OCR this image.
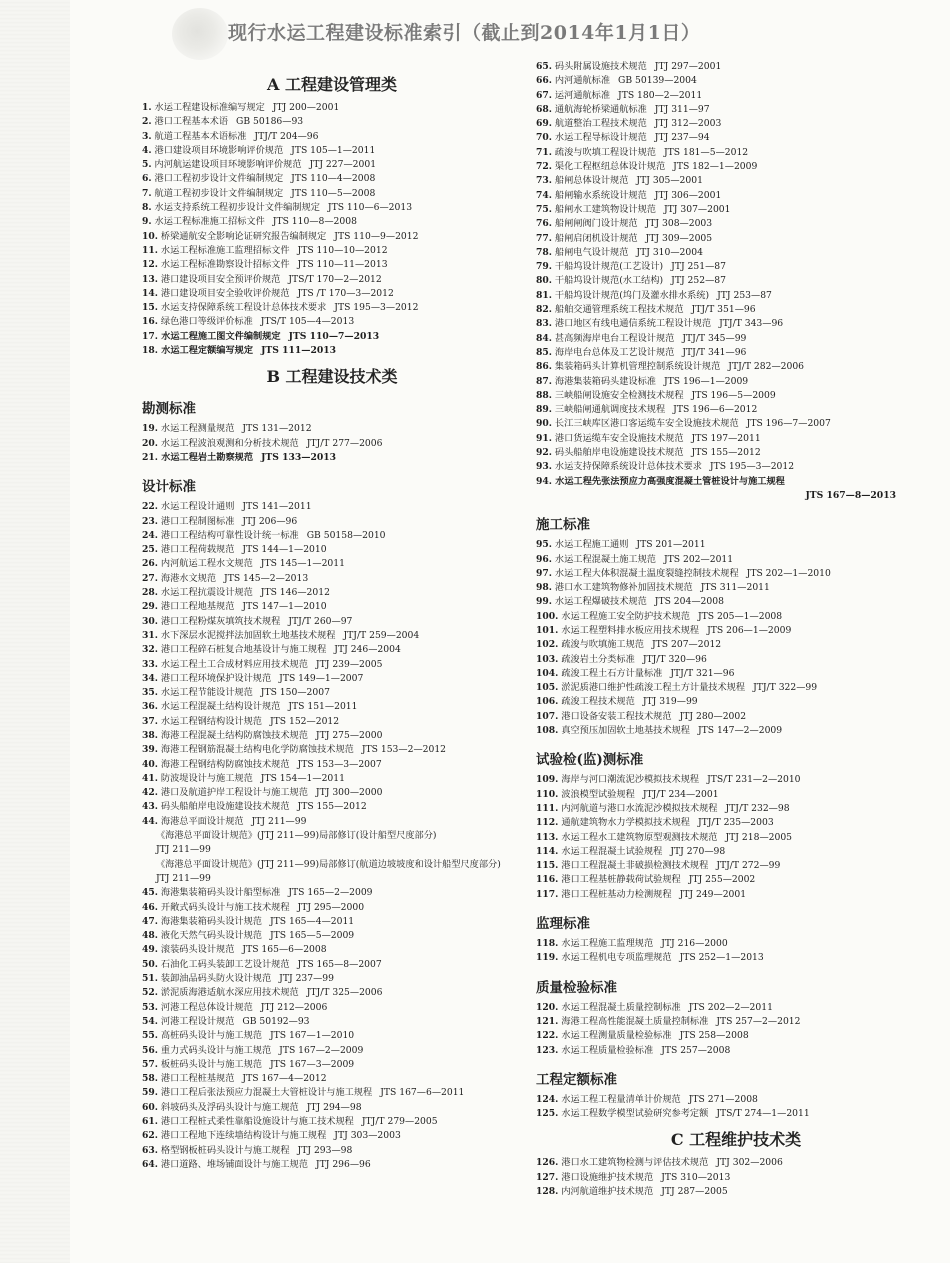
现行水运工程建设标准索引（截止到2014年1月1日）
A 工程建设管理类
1. 水运工程建设标准编写规定 JTJ 200—2001
2. 港口工程基本术语 GB 50186—93
3. 航道工程基本术语标准 JTJ/T 204—96
4. 港口建设项目环境影响评价规范 JTS 105—1—2011
5. 内河航运建设项目环境影响评价规范 JTJ 227—2001
6. 港口工程初步设计文件编制规定 JTS 110—4—2008
7. 航道工程初步设计文件编制规定 JTS 110—5—2008
8. 水运支持系统工程初步设计文件编制规定 JTS 110—6—2013
9. 水运工程标准施工招标文件 JTS 110—8—2008
10. 桥梁通航安全影响论证研究报告编制规定 JTS 110—9—2012
11. 水运工程标准施工监理招标文件 JTS 110—10—2012
12. 水运工程标准勘察设计招标文件 JTS 110—11—2013
13. 港口建设项目安全预评价规范 JTS/T 170—2—2012
14. 港口建设项目安全验收评价规范 JTS /T 170—3—2012
15. 水运支持保障系统工程设计总体技术要求 JTS 195—3—2012
16. 绿色港口等级评价标准 JTS/T 105—4—2013
17. 水运工程施工图文件编制规定 JTS 110—7—2013
18. 水运工程定额编写规定 JTS 111—2013
B 工程建设技术类
勘测标准
19. 水运工程测量规范 JTS 131—2012
20. 水运工程波浪观测和分析技术规范 JTJ/T 277—2006
21. 水运工程岩土勘察规范 JTS 133—2013
设计标准
22. 水运工程设计通则 JTS 141—2011
23. 港口工程制图标准 JTJ 206—96
24. 港口工程结构可靠性设计统一标准 GB 50158—2010
25. 港口工程荷载规范 JTS 144—1—2010
26. 内河航运工程水文规范 JTS 145—1—2011
27. 海港水文规范 JTS 145—2—2013
28. 水运工程抗震设计规范 JTS 146—2012
29. 港口工程地基规范 JTS 147—1—2010
30. 港口工程粉煤灰填筑技术规程 JTJ/T 260—97
31. 水下深层水泥搅拌法加固软土地基技术规程 JTJ/T 259—2004
32. 港口工程碎石桩复合地基设计与施工规程 JTJ 246—2004
33. 水运工程土工合成材料应用技术规范 JTJ 239—2005
34. 港口工程环境保护设计规范 JTS 149—1—2007
35. 水运工程节能设计规范 JTS 150—2007
36. 水运工程混凝土结构设计规范 JTS 151—2011
37. 水运工程钢结构设计规范 JTS 152—2012
38. 海港工程混凝土结构防腐蚀技术规范 JTJ 275—2000
39. 海港工程钢筋混凝土结构电化学防腐蚀技术规范 JTS 153—2—2012
40. 海港工程钢结构防腐蚀技术规范 JTS 153—3—2007
41. 防波堤设计与施工规范 JTS 154—1—2011
42. 港口及航道护岸工程设计与施工规范 JTJ 300—2000
43. 码头船舶岸电设施建设技术规范 JTS 155—2012
44. 海港总平面设计规范 JTJ 211—99
《海港总平面设计规范》(JTJ 211—99)局部修订(设计船型尺度部分)
JTJ 211—99
《海港总平面设计规范》(JTJ 211—99)局部修订(航道边坡坡度和设计船型尺度部分)
JTJ 211—99
45. 海港集装箱码头设计船型标准 JTS 165—2—2009
46. 开敞式码头设计与施工技术规程 JTJ 295—2000
47. 海港集装箱码头设计规范 JTS 165—4—2011
48. 液化天然气码头设计规范 JTS 165—5—2009
49. 滚装码头设计规范 JTS 165—6—2008
50. 石油化工码头装卸工艺设计规范 JTS 165—8—2007
51. 装卸油品码头防火设计规范 JTJ 237—99
52. 淤泥质海港适航水深应用技术规范 JTJ/T 325—2006
53. 河港工程总体设计规范 JTJ 212—2006
54. 河港工程设计规范 GB 50192—93
55. 高桩码头设计与施工规范 JTS 167—1—2010
56. 重力式码头设计与施工规范 JTS 167—2—2009
57. 板桩码头设计与施工规范 JTS 167—3—2009
58. 港口工程桩基规范 JTS 167—4—2012
59. 港口工程后张法预应力混凝土大管桩设计与施工规程 JTS 167—6—2011
60. 斜坡码头及浮码头设计与施工规范 JTJ 294—98
61. 港口工程桩式柔性靠船设施设计与施工技术规程 JTJ/T 279—2005
62. 港口工程地下连续墙结构设计与施工规程 JTJ 303—2003
63. 格型钢板桩码头设计与施工规程 JTJ 293—98
64. 港口道路、堆场铺面设计与施工规范 JTJ 296—96
65. 码头附属设施技术规范 JTJ 297—2001
66. 内河通航标准 GB 50139—2004
67. 运河通航标准 JTS 180—2—2011
68. 通航海轮桥梁通航标准 JTJ 311—97
69. 航道整治工程技术规范 JTJ 312—2003
70. 水运工程导标设计规范 JTJ 237—94
71. 疏浚与吹填工程设计规范 JTS 181—5—2012
72. 渠化工程枢纽总体设计规范 JTS 182—1—2009
73. 船闸总体设计规范 JTJ 305—2001
74. 船闸输水系统设计规范 JTJ 306—2001
75. 船闸水工建筑物设计规范 JTJ 307—2001
76. 船闸闸阀门设计规范 JTJ 308—2003
77. 船闸启闭机设计规范 JTJ 309—2005
78. 船闸电气设计规范 JTJ 310—2004
79. 干船坞设计规范(工艺设计) JTJ 251—87
80. 干船坞设计规范(水工结构) JTJ 252—87
81. 干船坞设计规范(坞门及灌水排水系统) JTJ 253—87
82. 船舶交通管理系统工程技术规范 JTJ/T 351—96
83. 港口地区有线电通信系统工程设计规范 JTJ/T 343—96
84. 甚高频海岸电台工程设计规范 JTJ/T 345—99
85. 海岸电台总体及工艺设计规范 JTJ/T 341—96
86. 集装箱码头计算机管理控制系统设计规范 JTJ/T 282—2006
87. 海港集装箱码头建设标准 JTS 196—1—2009
88. 三峡船闸设施安全检测技术规程 JTS 196—5—2009
89. 三峡船闸通航调度技术规程 JTS 196—6—2012
90. 长江三峡库区港口客运缆车安全设施技术规范 JTS 196—7—2007
91. 港口货运缆车安全设施技术规范 JTS 197—2011
92. 码头船舶岸电设施建设技术规范 JTS 155—2012
93. 水运支持保障系统设计总体技术要求 JTS 195—3—2012
94. 水运工程先张法预应力高强度混凝土管桩设计与施工规程
JTS 167—8—2013
施工标准
95. 水运工程施工通则 JTS 201—2011
96. 水运工程混凝土施工规范 JTS 202—2011
97. 水运工程大体积混凝土温度裂缝控制技术规程 JTS 202—1—2010
98. 港口水工建筑物修补加固技术规范 JTS 311—2011
99. 水运工程爆破技术规范 JTS 204—2008
100. 水运工程施工安全防护技术规范 JTS 205—1—2008
101. 水运工程塑料排水板应用技术规程 JTS 206—1—2009
102. 疏浚与吹填施工规范 JTS 207—2012
103. 疏浚岩土分类标准 JTJ/T 320—96
104. 疏浚工程土石方计量标准 JTJ/T 321—96
105. 淤泥质港口维护性疏浚工程土方计量技术规程 JTJ/T 322—99
106. 疏浚工程技术规范 JTJ 319—99
107. 港口设备安装工程技术规范 JTJ 280—2002
108. 真空预压加固软土地基技术规程 JTS 147—2—2009
试验检(监)测标准
109. 海岸与河口潮流泥沙模拟技术规程 JTS/T 231—2—2010
110. 波浪模型试验规程 JTJ/T 234—2001
111. 内河航道与港口水流泥沙模拟技术规程 JTJ/T 232—98
112. 通航建筑物水力学模拟技术规程 JTJ/T 235—2003
113. 水运工程水工建筑物原型观测技术规范 JTJ 218—2005
114. 水运工程混凝土试验规程 JTJ 270—98
115. 港口工程混凝土非破损检测技术规程 JTJ/T 272—99
116. 港口工程基桩静载荷试验规程 JTJ 255—2002
117. 港口工程桩基动力检测规程 JTJ 249—2001
监理标准
118. 水运工程施工监理规范 JTJ 216—2000
119. 水运工程机电专项监理规范 JTS 252—1—2013
质量检验标准
120. 水运工程混凝土质量控制标准 JTS 202—2—2011
121. 海港工程高性能混凝土质量控制标准 JTS 257—2—2012
122. 水运工程测量质量检验标准 JTS 258—2008
123. 水运工程质量检验标准 JTS 257—2008
工程定额标准
124. 水运工程工程量清单计价规范 JTS 271—2008
125. 水运工程数学模型试验研究参考定额 JTS/T 274—1—2011
C 工程维护技术类
126. 港口水工建筑物检测与评估技术规范 JTJ 302—2006
127. 港口设施维护技术规范 JTS 310—2013
128. 内河航道维护技术规范 JTJ 287—2005
